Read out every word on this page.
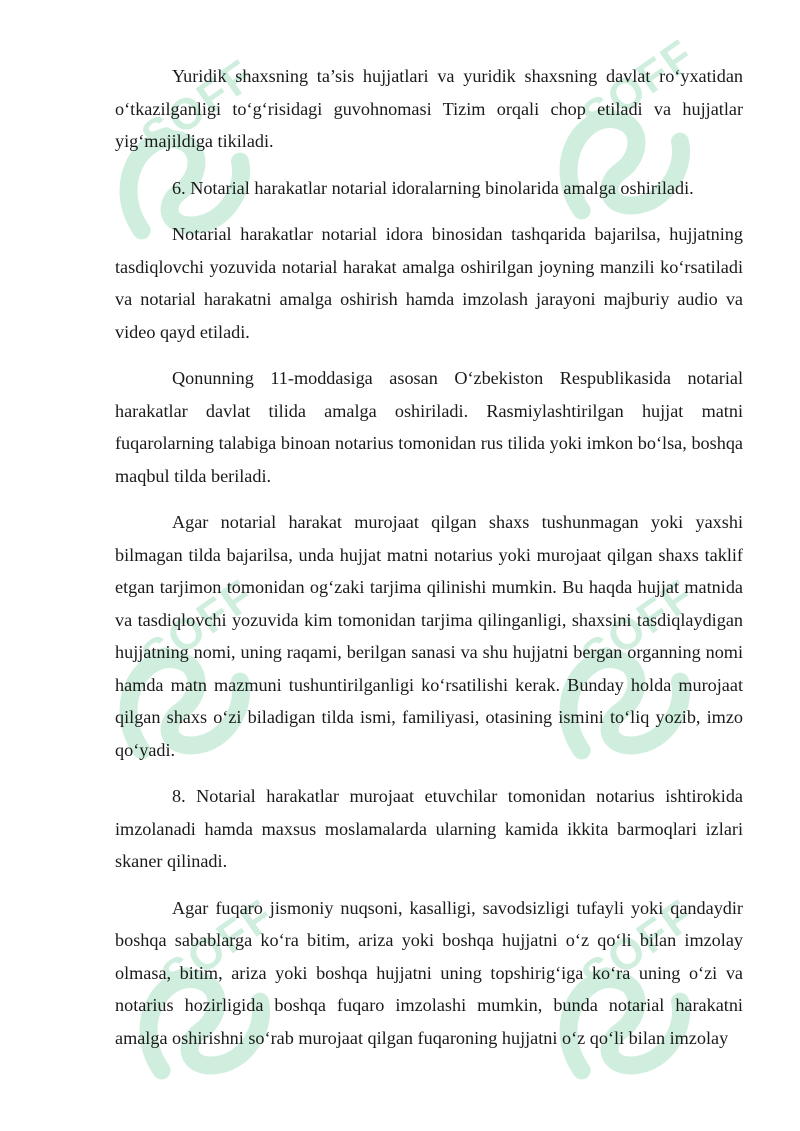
Yuridik shaxsning ta’sis hujjatlari va yuridik shaxsning davlat ro‘yxatidan o‘tkazilganligi to‘g‘risidagi guvohnomasi Tizim orqali chop etiladi va hujjatlar yig‘majildiga tikiladi.

6. Notarial harakatlar notarial idoralarning binolarida amalga oshiriladi.

Notarial harakatlar notarial idora binosidan tashqarida bajarilsa, hujjatning tasdiqlovchi yozuvida notarial harakat amalga oshirilgan joyning manzili ko‘rsatiladi va notarial harakatni amalga oshirish hamda imzolash jarayoni majburiy audio va video qayd etiladi.

Qonunning 11-moddasiga asosan O‘zbekiston Respublikasida notarial harakatlar davlat tilida amalga oshiriladi. Rasmiylashtirilgan hujjat matni fuqarolarning talabiga binoan notarius tomonidan rus tilida yoki imkon bo‘lsa, boshqa maqbul tilda beriladi.

Agar notarial harakat murojaat qilgan shaxs tushunmagan yoki yaxshi bilmagan tilda bajarilsa, unda hujjat matni notarius yoki murojaat qilgan shaxs taklif etgan tarjimon tomonidan og‘zaki tarjima qilinishi mumkin. Bu haqda hujjat matnida va tasdiqlovchi yozuvida kim tomonidan tarjima qilinganligi, shaxsini tasdiqlaydigan hujjatning nomi, uning raqami, berilgan sanasi va shu hujjatni bergan organning nomi hamda matn mazmuni tushuntirilganligi ko‘rsatilishi kerak. Bunday holda murojaat qilgan shaxs o‘zi biladigan tilda ismi, familiyasi, otasining ismini to‘liq yozib, imzo qo‘yadi.

8. Notarial harakatlar murojaat etuvchilar tomonidan notarius ishtirokida imzolanadi hamda maxsus moslamalarda ularning kamida ikkita barmoqlari izlari skaner qilinadi.

Agar fuqaro jismoniy nuqsoni, kasalligi, savodsizligi tufayli yoki qandaydir boshqa sabablarga ko‘ra bitim, ariza yoki boshqa hujjatni o‘z qo‘li bilan imzolay olmasa, bitim, ariza yoki boshqa hujjatni uning topshirig‘iga ko‘ra uning o‘zi va notarius hozirligida boshqa fuqaro imzolashi mumkin, bunda notarial harakatni amalga oshirishni so‘rab murojaat qilgan fuqaroning hujjatni o‘z qo‘li bilan imzolay
